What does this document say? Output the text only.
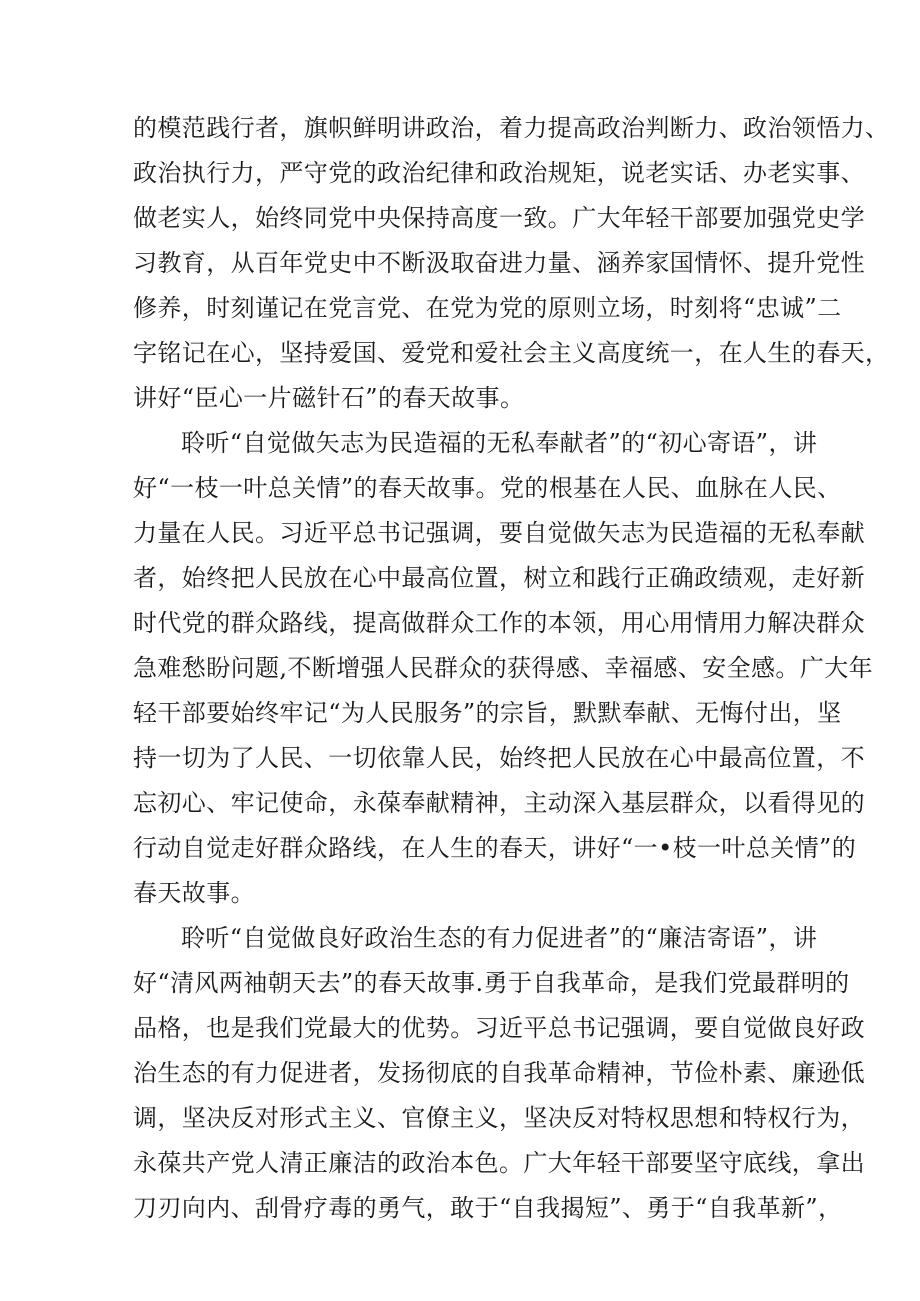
的模范践行者，旗帜鲜明讲政治，着力提高政治判断力、政治领悟力、
政治执行力，严守党的政治纪律和政治规矩，说老实话、办老实事、
做老实人，始终同党中央保持高度一致。广大年轻干部要加强党史学
习教育，从百年党史中不断汲取奋进力量、涵养家国情怀、提升党性
修养，时刻谨记在党言党、在党为党的原则立场，时刻将“忠诚”二
字铭记在心，坚持爱国、爱党和爱社会主义高度统一，在人生的春天，
讲好“臣心一片磁针石”的春天故事。
聆听“自觉做矢志为民造福的无私奉献者”的“初心寄语”，讲
好“一枝一叶总关情”的春天故事。党的根基在人民、血脉在人民、
力量在人民。习近平总书记强调，要自觉做矢志为民造福的无私奉献
者，始终把人民放在心中最高位置，树立和践行正确政绩观，走好新
时代党的群众路线，提高做群众工作的本领，用心用情用力解决群众
急难愁盼问题,不断增强人民群众的获得感、幸福感、安全感。广大年
轻干部要始终牢记“为人民服务”的宗旨，默默奉献、无悔付出，坚
持一切为了人民、一切依靠人民，始终把人民放在心中最高位置，不
忘初心、牢记使命，永葆奉献精神，主动深入基层群众，以看得见的
行动自觉走好群众路线，在人生的春天，讲好“一•枝一叶总关情”的
春天故事。
聆听“自觉做良好政治生态的有力促进者”的“廉洁寄语”，讲
好“清风两袖朝天去”的春天故事.勇于自我革命，是我们党最群明的
品格，也是我们党最大的优势。习近平总书记强调，要自觉做良好政
治生态的有力促进者，发扬彻底的自我革命精神，节俭朴素、廉逊低
调，坚决反对形式主义、官僚主义，坚决反对特权思想和特权行为，
永葆共产党人清正廉洁的政治本色。广大年轻干部要坚守底线，拿出
刀刃向内、刮骨疗毒的勇气，敢于“自我揭短”、勇于“自我革新”，
